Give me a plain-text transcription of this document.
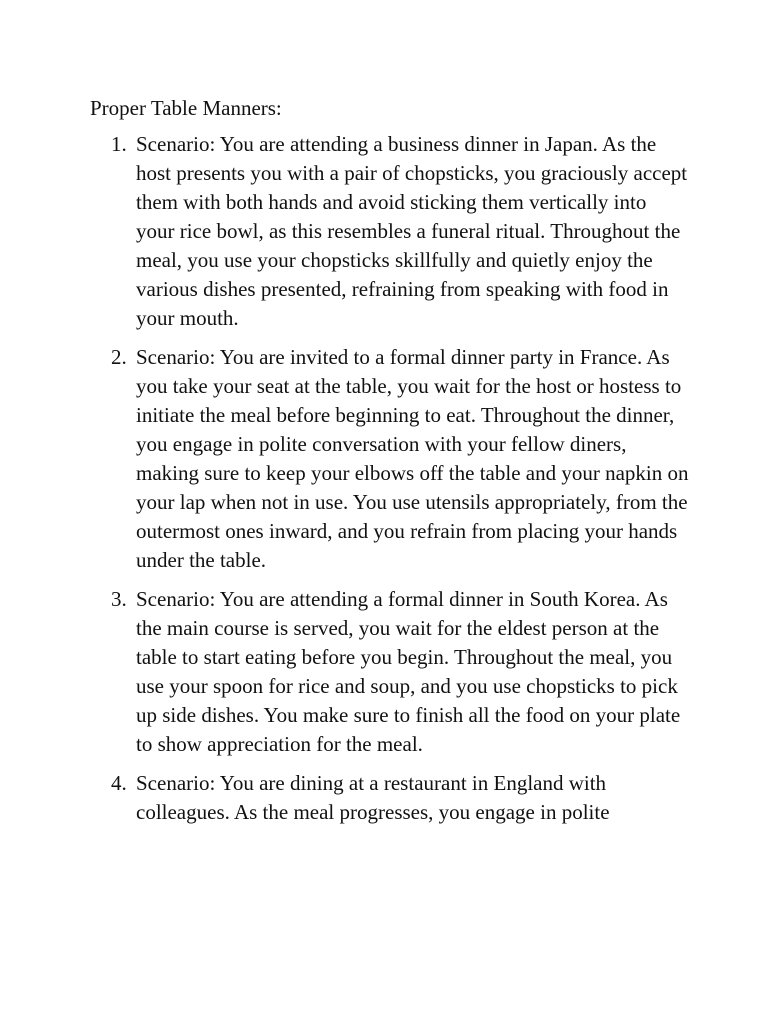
Proper Table Manners:

1. Scenario: You are attending a business dinner in Japan. As the host presents you with a pair of chopsticks, you graciously accept them with both hands and avoid sticking them vertically into your rice bowl, as this resembles a funeral ritual. Throughout the meal, you use your chopsticks skillfully and quietly enjoy the various dishes presented, refraining from speaking with food in your mouth.
2. Scenario: You are invited to a formal dinner party in France. As you take your seat at the table, you wait for the host or hostess to initiate the meal before beginning to eat. Throughout the dinner, you engage in polite conversation with your fellow diners, making sure to keep your elbows off the table and your napkin on your lap when not in use. You use utensils appropriately, from the outermost ones inward, and you refrain from placing your hands under the table.
3. Scenario: You are attending a formal dinner in South Korea. As the main course is served, you wait for the eldest person at the table to start eating before you begin. Throughout the meal, you use your spoon for rice and soup, and you use chopsticks to pick up side dishes. You make sure to finish all the food on your plate to show appreciation for the meal.
4. Scenario: You are dining at a restaurant in England with colleagues. As the meal progresses, you engage in polite
